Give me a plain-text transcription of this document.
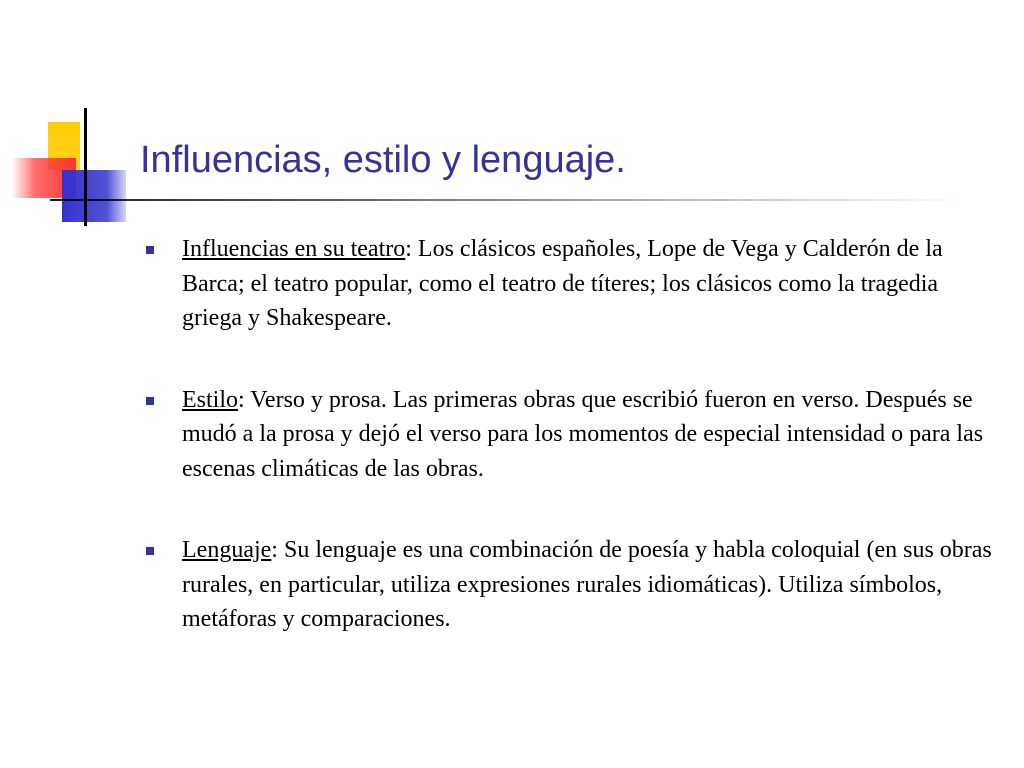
Influencias, estilo y lenguaje.
Influencias en su teatro: Los clásicos españoles, Lope de Vega y Calderón de la Barca; el teatro popular, como el teatro de títeres; los clásicos como la tragedia griega y Shakespeare.
Estilo: Verso y prosa. Las primeras obras que escribió fueron en verso. Después se mudó a la prosa y dejó el verso para los momentos de especial intensidad o para las escenas climáticas de las obras.
Lenguaje: Su lenguaje es una combinación de poesía y habla coloquial (en sus obras rurales, en particular, utiliza expresiones rurales idiomáticas). Utiliza símbolos, metáforas y comparaciones.
